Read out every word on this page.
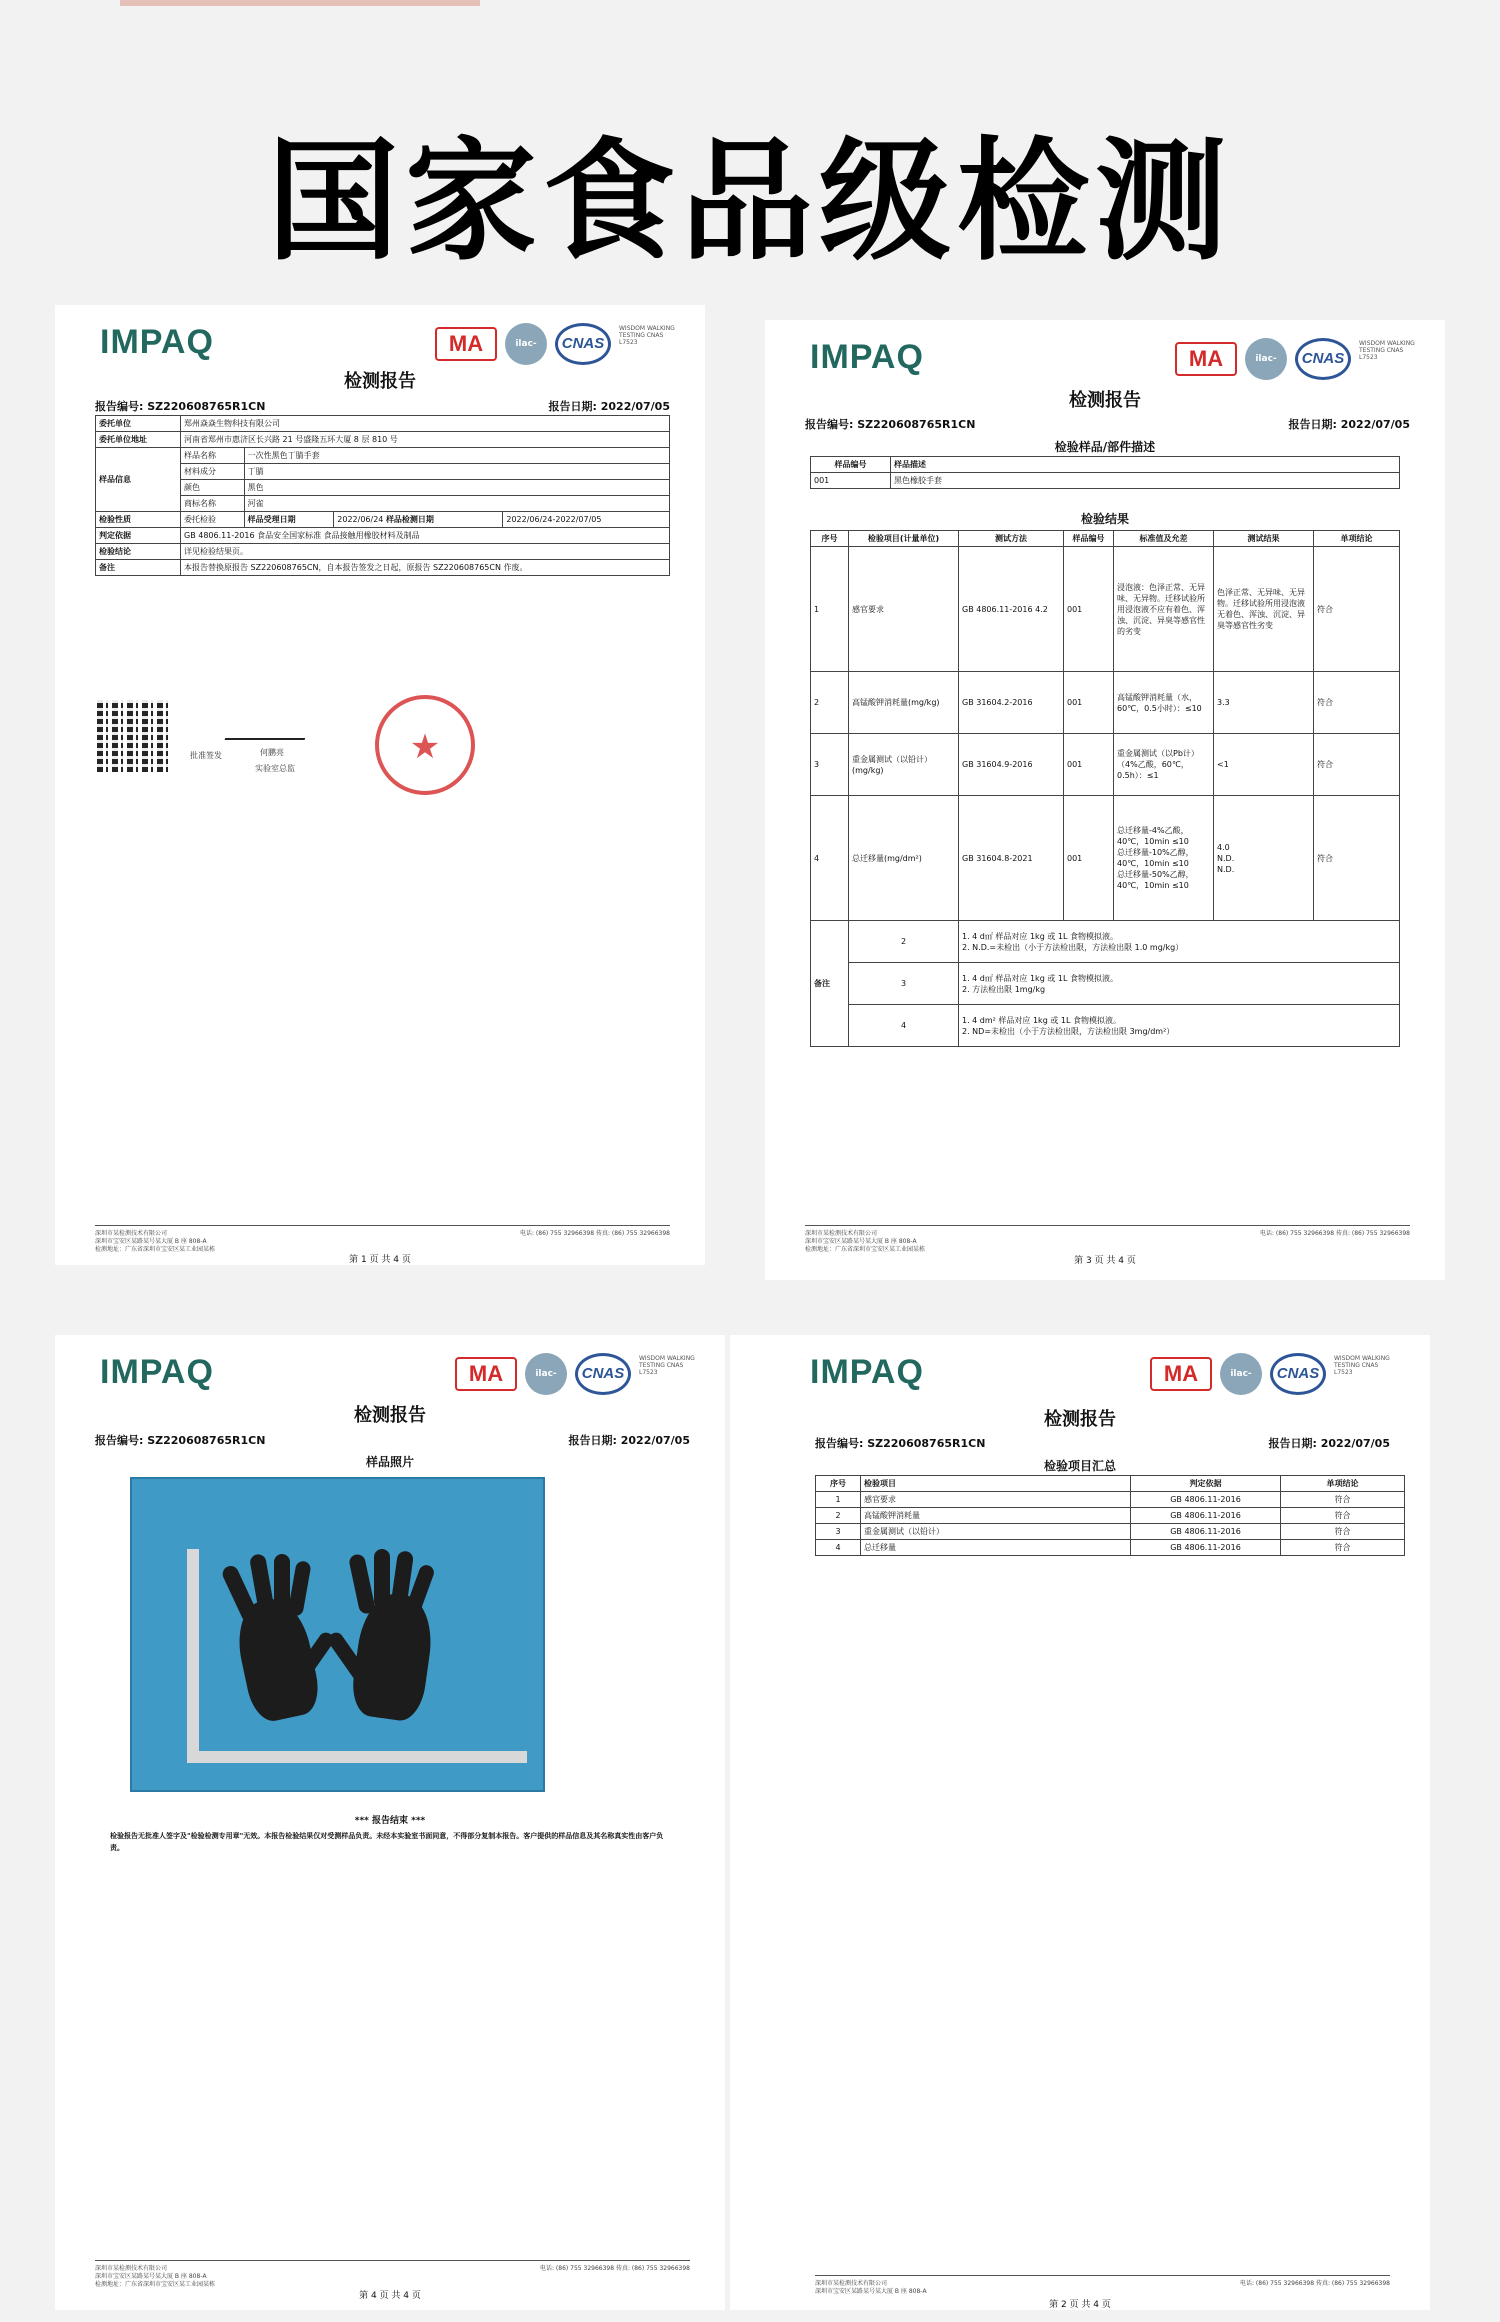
国家食品级检测
IMPAQ	MA	ilac-MRA
CNAS
WISDOM WALKING TESTING CNAS L7523
检测报告
报告编号: SZ220608765R1CN	报告日期: 2022/07/05
委托单位	郑州焱焱生物科技有限公司			
委托单位地址	河南省郑州市惠济区长兴路 21 号盛隆五环大厦 8 层 810 号			
样品信息	样品名称	一次性黑色丁腈手套		
	材料成分	丁腈		
	颜色	黑色		
	商标名称	河雀		
检验性质	委托检验	样品受理日期	2022/06/24 样品检测日期	2022/06/24-2022/07/05
判定依据	GB 4806.11-2016 食品安全国家标准 食品接触用橡胶材料及制品			
检验结论	详见检验结果页。			
备注	本报告替换原报告 SZ220608765CN，自本报告签发之日起，原报告 SZ220608765CN 作废。			
批准签发	何鹏亮
实验室总监
★
深圳市某检测技术有限公司
深圳市宝安区某路某号某大厦 B 座 808-A
检测地址：广东省深圳市宝安区某工业园某栋
电话: (86) 755 32966398 传真: (86) 755 32966398
第 1 页 共 4 页
IMPAQ	MA	ilac-MRA
CNAS
WISDOM WALKING TESTING CNAS L7523
检测报告
报告编号: SZ220608765R1CN	报告日期: 2022/07/05
检验样品/部件描述
样品编号	样品描述
001	黑色橡胶手套
检验结果
序号	检验项目(计量单位)	测试方法	样品编号	标准值及允差	测试结果	单项结论
1	感官要求	GB 4806.11-2016 4.2	001	浸泡液：色泽正常、无异味、无异物。迁移试验所用浸泡液不应有着色、浑浊、沉淀、异臭等感官性的劣变	色泽正常、无异味、无异物。迁移试验所用浸泡液无着色、浑浊、沉淀、异臭等感官性劣变	符合
2	高锰酸钾消耗量(mg/kg)	GB 31604.2-2016	001	高锰酸钾消耗量（水，60℃，0.5小时）：≤10	3.3	符合
3	重金属测试（以铅计）(mg/kg)	GB 31604.9-2016	001	重金属测试（以Pb计）（4%乙酸，60℃，0.5h）：≤1	<1	符合
4	总迁移量(mg/dm²)	GB 31604.8-2021	001	总迁移量-4%乙酸，40℃，10min ≤10
总迁移量-10%乙醇，40℃，10min ≤10
总迁移量-50%乙醇，40℃，10min ≤10	4.0
N.D.
N.D.	符合
备注	2	1. 4 d㎡ 样品对应 1kg 或 1L 食物模拟液。
2. N.D.=未检出（小于方法检出限，方法检出限 1.0 mg/kg）				
	3	1. 4 d㎡ 样品对应 1kg 或 1L 食物模拟液。
2. 方法检出限 1mg/kg				
	4	1. 4 dm² 样品对应 1kg 或 1L 食物模拟液。
2. ND=未检出（小于方法检出限，方法检出限 3mg/dm²）				
深圳市某检测技术有限公司
深圳市宝安区某路某号某大厦 B 座 808-A
检测地址：广东省深圳市宝安区某工业园某栋
电话: (86) 755 32966398 传真: (86) 755 32966398
第 3 页 共 4 页
IMPAQ	MA	ilac-MRA
CNAS
WISDOM WALKING TESTING CNAS L7523
检测报告
报告编号: SZ220608765R1CN	报告日期: 2022/07/05
样品照片
*** 报告结束 ***
检验报告无批准人签字及"检验检测专用章"无效。本报告检验结果仅对受测样品负责。未经本实验室书面同意，不得部分复制本报告。客户提供的样品信息及其名称真实性由客户负责。
深圳市某检测技术有限公司
深圳市宝安区某路某号某大厦 B 座 808-A
检测地址：广东省深圳市宝安区某工业园某栋
电话: (86) 755 32966398 传真: (86) 755 32966398
第 4 页 共 4 页
IMPAQ	MA	ilac-MRA
CNAS
WISDOM WALKING TESTING CNAS L7523
检测报告
报告编号: SZ220608765R1CN	报告日期: 2022/07/05
检验项目汇总
序号	检验项目	判定依据	单项结论
1	感官要求	GB 4806.11-2016	符合
2	高锰酸钾消耗量	GB 4806.11-2016	符合
3	重金属测试（以铅计）	GB 4806.11-2016	符合
4	总迁移量	GB 4806.11-2016	符合
深圳市某检测技术有限公司
深圳市宝安区某路某号某大厦 B 座 808-A
电话: (86) 755 32966398 传真: (86) 755 32966398
第 2 页 共 4 页
